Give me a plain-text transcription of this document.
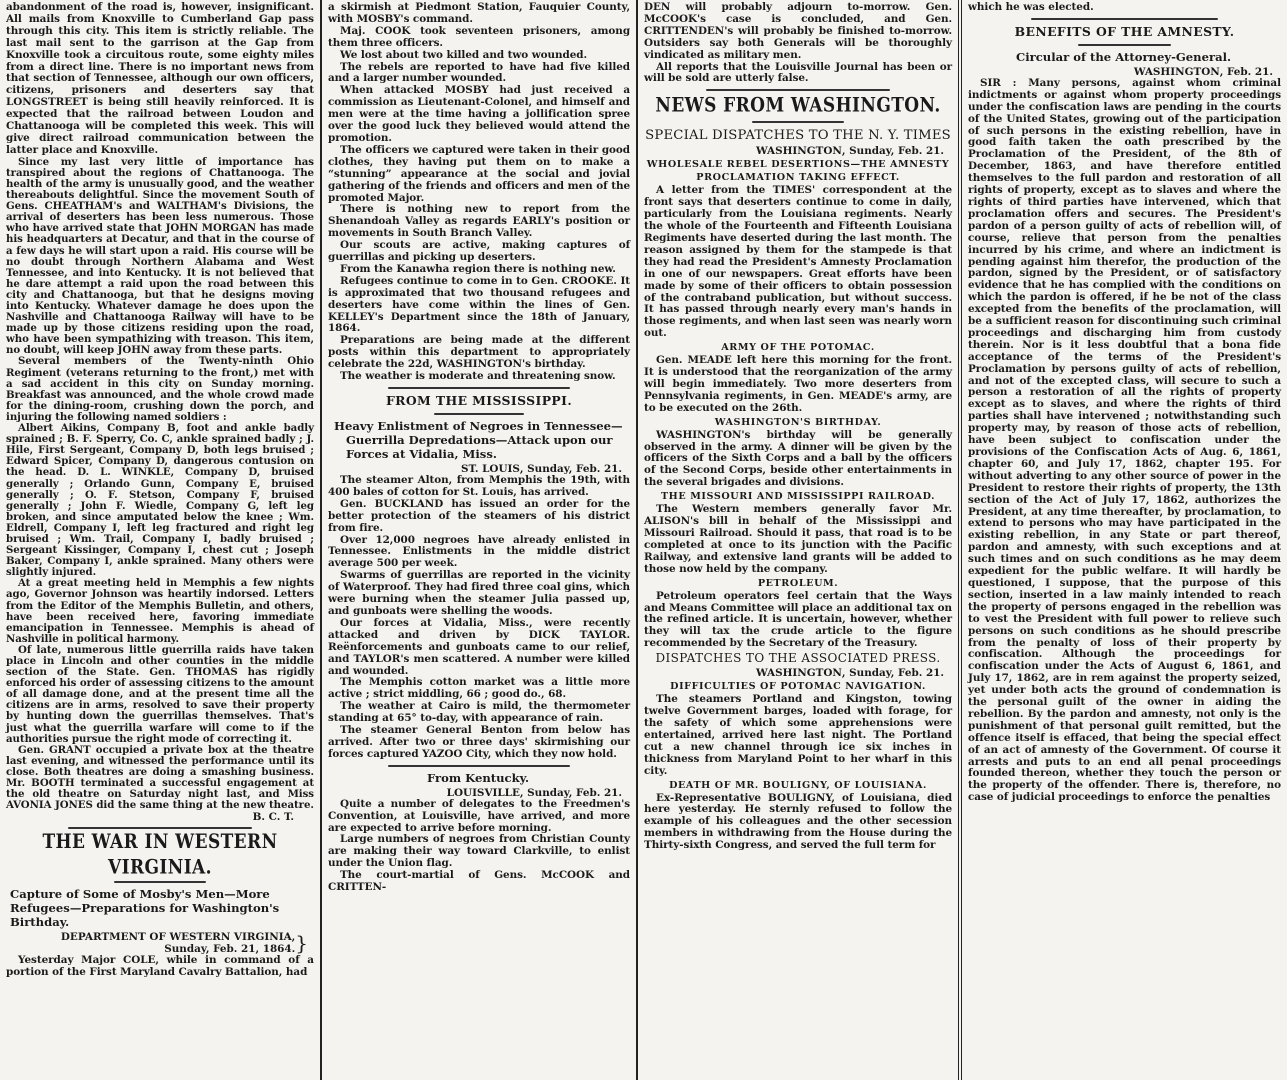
abandonment of the road is, however, insignificant. All mails from Knoxville to Cumberland Gap pass through this city. This item is strictly reliable. The last mail sent to the garrison at the Gap from Knoxville took a circuitous route, some eighty miles from a direct line. There is no important news from that section of Tennessee, although our own officers, citizens, prisoners and deserters say that LONGSTREET is being still heavily reinforced. It is expected that the railroad between Loudon and Chattanooga will be completed this week. This will give direct railroad communication between the latter place and Knoxville.

Since my last very little of importance has transpired about the regions of Chattanooga. The health of the army is unusually good, and the weather thereabouts delightful. Since the movement South of Gens. CHEATHAM's and WALTHAM's Divisions, the arrival of deserters has been less numerous. Those who have arrived state that JOHN MORGAN has made his headquarters at Decatur, and that in the course of a few days he will start upon a raid. His course will be no doubt through Northern Alabama and West Tennessee, and into Kentucky. It is not believed that he dare attempt a raid upon the road between this city and Chattanooga, but that he designs moving into Kentucky. Whatever damage he does upon the Nashville and Chattanooga Railway will have to be made up by those citizens residing upon the road, who have been sympathizing with treason. This item, no doubt, will keep JOHN away from these parts.

Several members of the Twenty-ninth Ohio Regiment (veterans returning to the front,) met with a sad accident in this city on Sunday morning. Breakfast was announced, and the whole crowd made for the dining-room, crushing down the porch, and injuring the following named soldiers :

Albert Aikins, Company B, foot and ankle badly sprained ; B. F. Sperry, Co. C, ankle sprained badly ; J. Hile, First Sergeant, Company D, both legs bruised ; Edward Spicer, Company D, dangerous contusion on the head. D. L. WINKLE, Company D, bruised generally ; Orlando Gunn, Company E, bruised generally ; O. F. Stetson, Company F, bruised generally ; John F. Wiedle, Company G, left leg broken, and since amputated below the knee ; Wm. Eldrell, Company I, left leg fractured and right leg bruised ; Wm. Trail, Company I, badly bruised ; Sergeant Kissinger, Company I, chest cut ; Joseph Baker, Company I, ankle sprained. Many others were slightly injured.

At a great meeting held in Memphis a few nights ago, Governor Johnson was heartily indorsed. Letters from the Editor of the Memphis Bulletin, and others, have been received here, favoring immediate emancipation in Tennessee. Memphis is ahead of Nashville in political harmony.

Of late, numerous little guerrilla raids have taken place in Lincoln and other counties in the middle section of the State. Gen. THOMAS has rigidly enforced his order of assessing citizens to the amount of all damage done, and at the present time all the citizens are in arms, resolved to save their property by hunting down the guerrillas themselves. That's just what the guerrilla warfare will come to if the authorities pursue the right mode of correcting it.

Gen. GRANT occupied a private box at the theatre last evening, and witnessed the performance until its close. Both theatres are doing a smashing business. Mr. BOOTH terminated a successful engagement at the old theatre on Saturday night last, and Miss AVONIA JONES did the same thing at the new theatre.

B. C. T.
THE WAR IN WESTERN VIRGINIA.
Capture of Some of Mosby's Men—More Refugees—Preparations for Washington's Birthday.
DEPARTMENT OF WESTERN VIRGINIA,
Sunday, Feb. 21, 1864. }

Yesterday Major COLE, while in command of a portion of the First Maryland Cavalry Battalion, had

a skirmish at Piedmont Station, Fauquier County, with MOSBY's command.

Maj. COOK took seventeen prisoners, among them three officers.

We lost about two killed and two wounded.

The rebels are reported to have had five killed and a larger number wounded.

When attacked MOSBY had just received a commission as Lieutenant-Colonel, and himself and men were at the time having a jollification spree over the good luck they believed would attend the promotion.

The officers we captured were taken in their good clothes, they having put them on to make a “stunning” appearance at the social and jovial gathering of the friends and officers and men of the promoted Major.

There is nothing new to report from the Shenandoah Valley as regards EARLY's position or movements in South Branch Valley.

Our scouts are active, making captures of guerrillas and picking up deserters.

From the Kanawha region there is nothing new.

Refugees continue to come in to Gen. CROOKE. It is approximated that two thousand refugees and deserters have come within the lines of Gen. KELLEY's Department since the 18th of January, 1864.

Preparations are being made at the different posts within this department to appropriately celebrate the 22d, WASHINGTON's birthday.

The weather is moderate and threatening snow.

FROM THE MISSISSIPPI.
Heavy Enlistment of Negroes in Tennessee—Guerrilla Depredations—Attack upon our Forces at Vidalia, Miss.
ST. LOUIS, Sunday, Feb. 21.

The steamer Alton, from Memphis the 19th, with 400 bales of cotton for St. Louis, has arrived.

Gen. BUCKLAND has issued an order for the better protection of the steamers of his district from fire.

Over 12,000 negroes have already enlisted in Tennessee. Enlistments in the middle district average 500 per week.

Swarms of guerrillas are reported in the vicinity of Waterproof. They had fired three coal gins, which were burning when the steamer Julia passed up, and gunboats were shelling the woods.

Our forces at Vidalia, Miss., were recently attacked and driven by DICK TAYLOR. Reënforcements and gunboats came to our relief, and TAYLOR's men scattered. A number were killed and wounded.

The Memphis cotton market was a little more active ; strict middling, 66 ; good do., 68.

The weather at Cairo is mild, the thermometer standing at 65° to-day, with appearance of rain.

The steamer General Benton from below has arrived. After two or three days' skirmishing our forces captured YAZOO City, which they now hold.

From Kentucky.
LOUISVILLE, Sunday, Feb. 21.

Quite a number of delegates to the Freedmen's Convention, at Louisville, have arrived, and more are expected to arrive before morning.

Large numbers of negroes from Christian County are making their way toward Clarkville, to enlist under the Union flag.

The court-martial of Gens. McCOOK and CRITTEN-

DEN will probably adjourn to-morrow. Gen. McCOOK's case is concluded, and Gen. CRITTENDEN's will probably be finished to-morrow. Outsiders say both Generals will be thoroughly vindicated as military men.

All reports that the Louisville Journal has been or will be sold are utterly false.

NEWS FROM WASHINGTON.
SPECIAL DISPATCHES TO THE N. Y. TIMES
WASHINGTON, Sunday, Feb. 21.
WHOLESALE REBEL DESERTIONS—THE AMNESTY PROCLAMATION TAKING EFFECT.

A letter from the TIMES' correspondent at the front says that deserters continue to come in daily, particularly from the Louisiana regiments. Nearly the whole of the Fourteenth and Fifteenth Louisiana Regiments have deserted during the last month. The reason assigned by them for the stampede is that they had read the President's Amnesty Proclamation in one of our newspapers. Great efforts have been made by some of their officers to obtain possession of the contraband publication, but without success. It has passed through nearly every man's hands in those regiments, and when last seen was nearly worn out.

ARMY OF THE POTOMAC.

Gen. MEADE left here this morning for the front. It is understood that the reorganization of the army will begin immediately. Two more deserters from Pennsylvania regiments, in Gen. MEADE's army, are to be executed on the 26th.

WASHINGTON'S BIRTHDAY.

WASHINGTON's birthday will be generally observed in the army. A dinner will be given by the officers of the Sixth Corps and a ball by the officers of the Second Corps, beside other entertainments in the several brigades and divisions.

THE MISSOURI AND MISSISSIPPI RAILROAD.

The Western members generally favor Mr. ALISON's bill in behalf of the Mississippi and Missouri Railroad. Should it pass, that road is to be completed at once to its junction with the Pacific Railway, and extensive land grants will be added to those now held by the company.

PETROLEUM.

Petroleum operators feel certain that the Ways and Means Committee will place an additional tax on the refined article. It is uncertain, however, whether they will tax the crude article to the figure recommended by the Secretary of the Treasury.

DISPATCHES TO THE ASSOCIATED PRESS.
WASHINGTON, Sunday, Feb. 21.
DIFFICULTIES OF POTOMAC NAVIGATION.

The steamers Portland and Kingston, towing twelve Government barges, loaded with forage, for the safety of which some apprehensions were entertained, arrived here last night. The Portland cut a new channel through ice six inches in thickness from Maryland Point to her wharf in this city.

DEATH OF MR. BOULIGNY, OF LOUISIANA.

Ex-Representative BOULIGNY, of Louisiana, died here yesterday. He sternly refused to follow the example of his colleagues and the other secession members in withdrawing from the House during the Thirty-sixth Congress, and served the full term for

which he was elected.

BENEFITS OF THE AMNESTY.
Circular of the Attorney-General.
WASHINGTON, Feb. 21.

SIR : Many persons, against whom criminal indictments or against whom property proceedings under the confiscation laws are pending in the courts of the United States, growing out of the participation of such persons in the existing rebellion, have in good faith taken the oath prescribed by the Proclamation of the President, of the 8th of December, 1863, and have therefore entitled themselves to the full pardon and restoration of all rights of property, except as to slaves and where the rights of third parties have intervened, which that proclamation offers and secures. The President's pardon of a person guilty of acts of rebellion will, of course, relieve that person from the penalties incurred by his crime, and where an indictment is pending against him therefor, the production of the pardon, signed by the President, or of satisfactory evidence that he has complied with the conditions on which the pardon is offered, if he be not of the class excepted from the benefits of the proclamation, will be a sufficient reason for discontinuing such criminal proceedings and discharging him from custody therein. Nor is it less doubtful that a bona fide acceptance of the terms of the President's Proclamation by persons guilty of acts of rebellion, and not of the excepted class, will secure to such a person a restoration of all the rights of property except as to slaves, and where the rights of third parties shall have intervened ; notwithstanding such property may, by reason of those acts of rebellion, have been subject to confiscation under the provisions of the Confiscation Acts of Aug. 6, 1861, chapter 60, and July 17, 1862, chapter 195. For without adverting to any other source of power in the President to restore their rights of property, the 13th section of the Act of July 17, 1862, authorizes the President, at any time thereafter, by proclamation, to extend to persons who may have participated in the existing rebellion, in any State or part thereof, pardon and amnesty, with such exceptions and at such times and on such conditions as he may deem expedient for the public welfare. It will hardly be questioned, I suppose, that the purpose of this section, inserted in a law mainly intended to reach the property of persons engaged in the rebellion was to vest the President with full power to relieve such persons on such conditions as he should prescribe from the penalty of loss of their property by confiscation. Although the proceedings for confiscation under the Acts of August 6, 1861, and July 17, 1862, are in rem against the property seized, yet under both acts the ground of condemnation is the personal guilt of the owner in aiding the rebellion. By the pardon and amnesty, not only is the punishment of that personal guilt remitted, but the offence itself is effaced, that being the special effect of an act of amnesty of the Government. Of course it arrests and puts to an end all penal proceedings founded thereon, whether they touch the person or the property of the offender. There is, therefore, no case of judicial proceedings to enforce the penalties
